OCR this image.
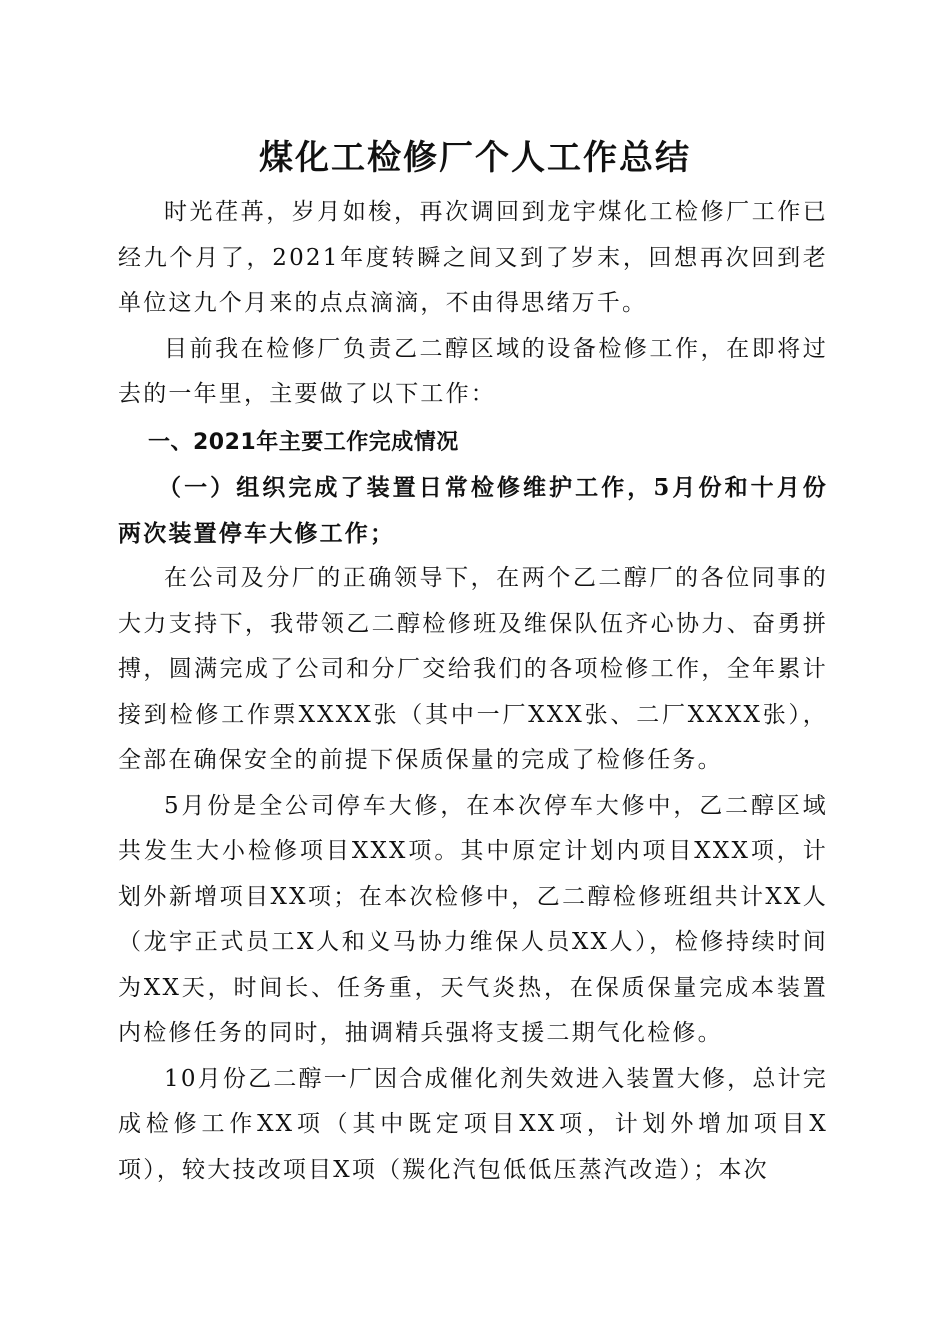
煤化工检修厂个人工作总结

时光荏苒，岁月如梭，再次调回到龙宇煤化工检修厂工作已经九个月了，2021年度转瞬之间又到了岁末，回想再次回到老单位这九个月来的点点滴滴，不由得思绪万千。

目前我在检修厂负责乙二醇区域的设备检修工作，在即将过去的一年里，主要做了以下工作：

一、2021年主要工作完成情况

（一）组织完成了装置日常检修维护工作，5月份和十月份两次装置停车大修工作；

在公司及分厂的正确领导下，在两个乙二醇厂的各位同事的大力支持下，我带领乙二醇检修班及维保队伍齐心协力、奋勇拼搏，圆满完成了公司和分厂交给我们的各项检修工作，全年累计接到检修工作票XXXX张（其中一厂XXX张、二厂XXXX张），全部在确保安全的前提下保质保量的完成了检修任务。

5月份是全公司停车大修，在本次停车大修中，乙二醇区域共发生大小检修项目XXX项。其中原定计划内项目XXX项，计划外新增项目XX项；在本次检修中，乙二醇检修班组共计XX人（龙宇正式员工X人和义马协力维保人员XX人），检修持续时间为XX天，时间长、任务重，天气炎热，在保质保量完成本装置内检修任务的同时，抽调精兵强将支援二期气化检修。

10月份乙二醇一厂因合成催化剂失效进入装置大修，总计完成检修工作XX项（其中既定项目XX项，计划外增加项目X项），较大技改项目X项（羰化汽包低低压蒸汽改造）；本次
